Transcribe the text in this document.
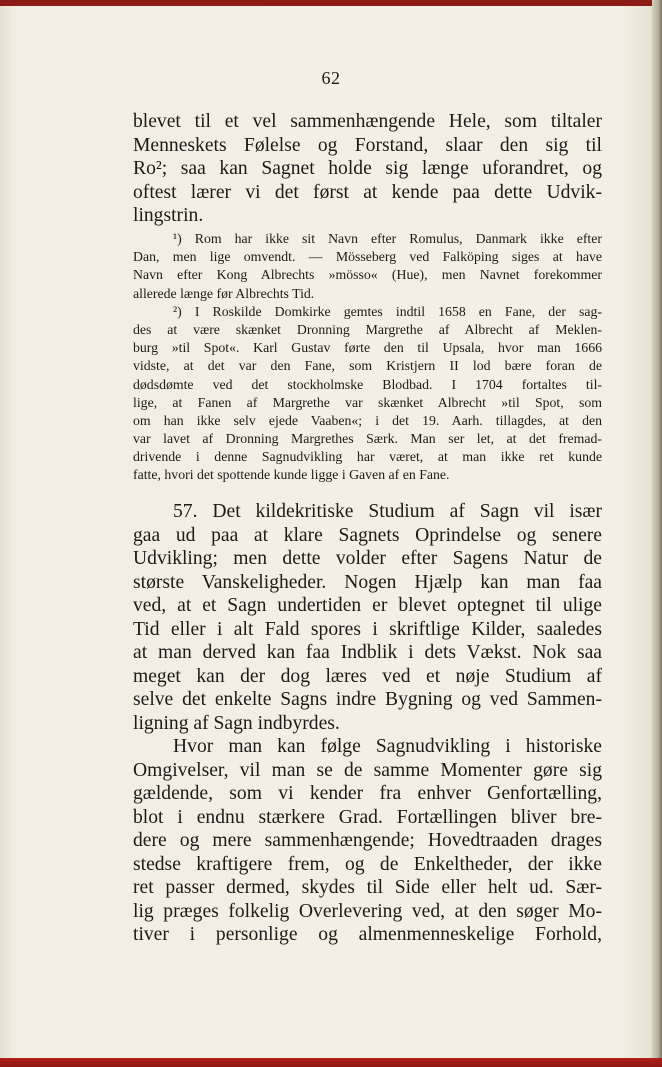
62
blevet til et vel sammenhængende Hele, som tiltaler
Menneskets Følelse og Forstand, slaar den sig til
Ro²; saa kan Sagnet holde sig længe uforandret, og
oftest lærer vi det først at kende paa dette Udvik-
lingstrin.
¹) Rom har ikke sit Navn efter Romulus, Danmark ikke efter
Dan, men lige omvendt. — Mösseberg ved Falköping siges at have
Navn efter Kong Albrechts »mösso« (Hue), men Navnet forekommer
allerede længe før Albrechts Tid.
²) I Roskilde Domkirke gemtes indtil 1658 en Fane, der sag-
des at være skænket Dronning Margrethe af Albrecht af Meklen-
burg »til Spot«. Karl Gustav førte den til Upsala, hvor man 1666
vidste, at det var den Fane, som Kristjern II lod bære foran de
dødsdømte ved det stockholmske Blodbad. I 1704 fortaltes til-
lige, at Fanen af Margrethe var skænket Albrecht »til Spot, som
om han ikke selv ejede Vaaben«; i det 19. Aarh. tillagdes, at den
var lavet af Dronning Margrethes Særk. Man ser let, at det fremad-
drivende i denne Sagnudvikling har været, at man ikke ret kunde
fatte, hvori det spottende kunde ligge i Gaven af en Fane.
57. Det kildekritiske Studium af Sagn vil især
gaa ud paa at klare Sagnets Oprindelse og senere
Udvikling; men dette volder efter Sagens Natur de
største Vanskeligheder. Nogen Hjælp kan man faa
ved, at et Sagn undertiden er blevet optegnet til ulige
Tid eller i alt Fald spores i skriftlige Kilder, saaledes
at man derved kan faa Indblik i dets Vækst. Nok saa
meget kan der dog læres ved et nøje Studium af
selve det enkelte Sagns indre Bygning og ved Sammen-
ligning af Sagn indbyrdes.
Hvor man kan følge Sagnudvikling i historiske
Omgivelser, vil man se de samme Momenter gøre sig
gældende, som vi kender fra enhver Genfortælling,
blot i endnu stærkere Grad. Fortællingen bliver bre-
dere og mere sammenhængende; Hovedtraaden drages
stedse kraftigere frem, og de Enkeltheder, der ikke
ret passer dermed, skydes til Side eller helt ud. Sær-
lig præges folkelig Overlevering ved, at den søger Mo-
tiver i personlige og almenmenneskelige Forhold,
